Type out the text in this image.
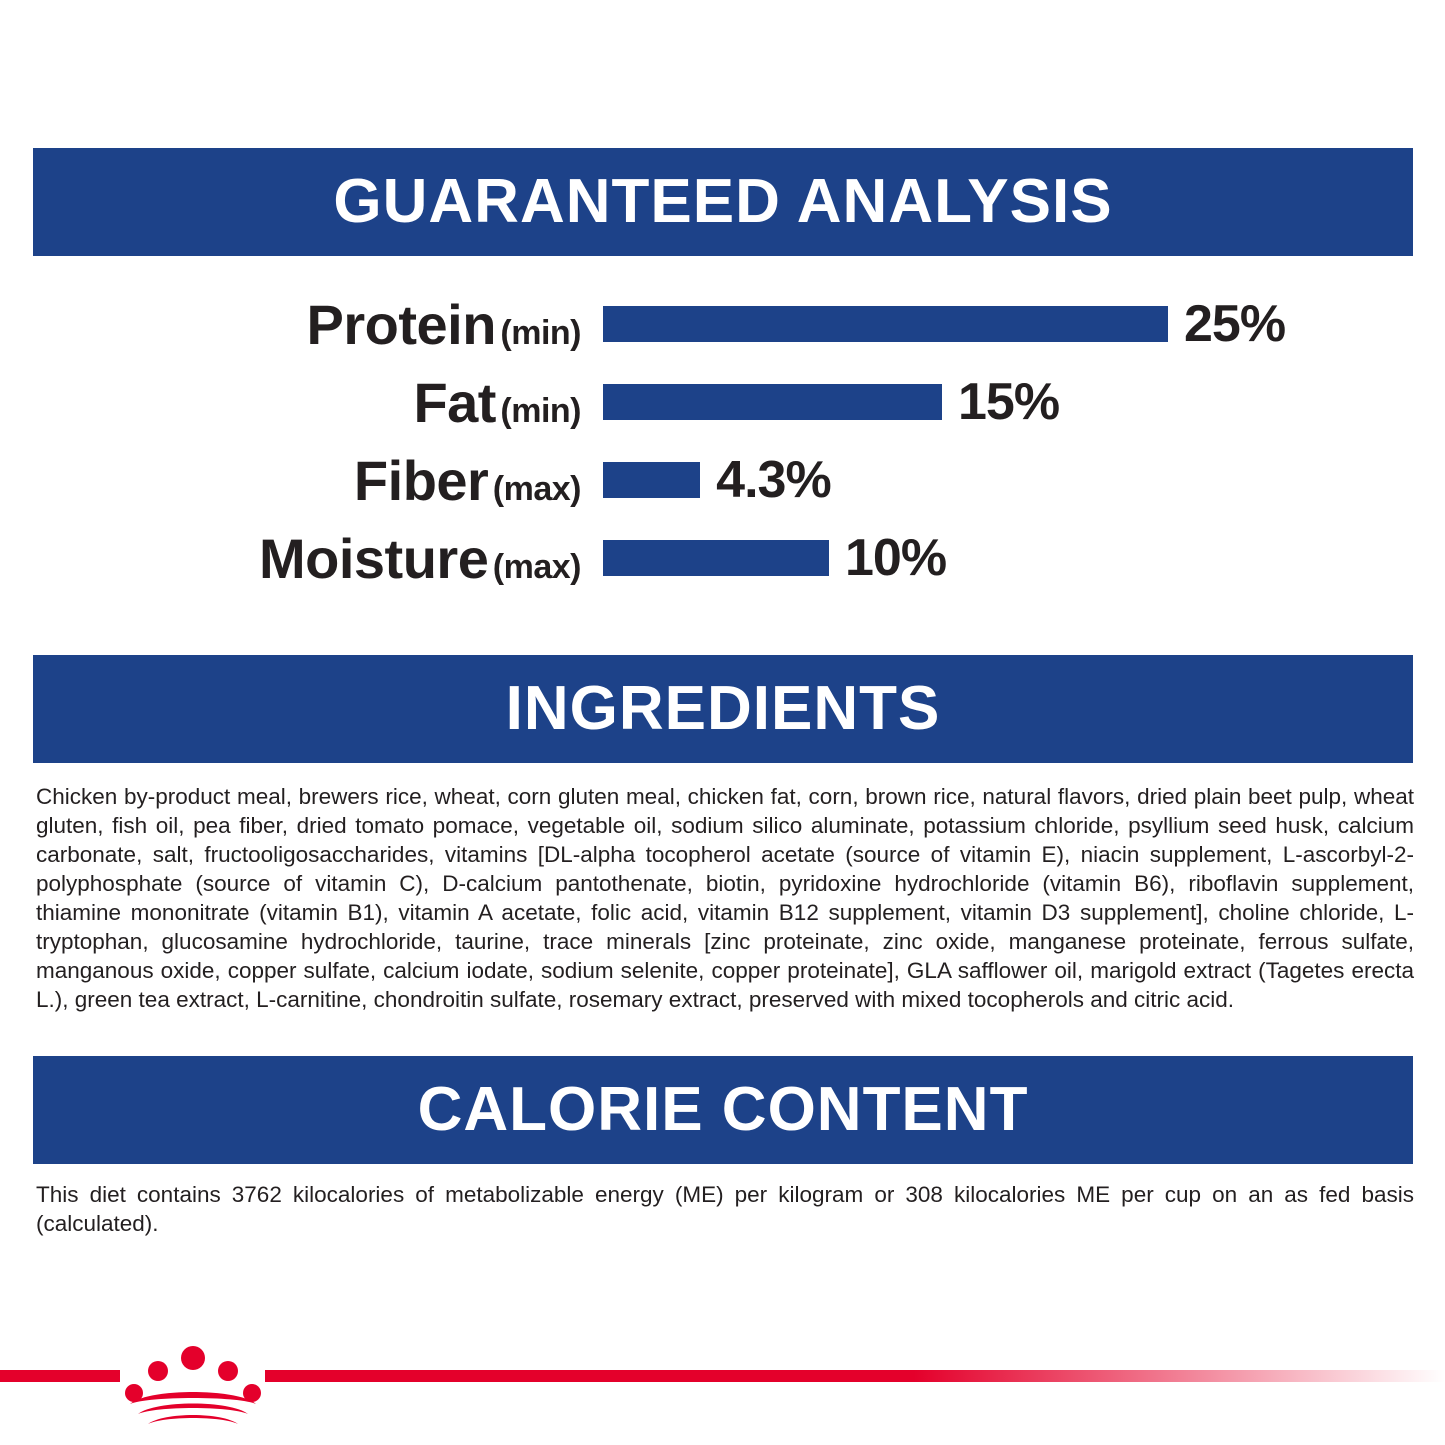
GUARANTEED ANALYSIS
Protein (min)	25%
Fat (min)	15%
Fiber (max)	4.3%
Moisture (max)	10%
INGREDIENTS
Chicken by-product meal, brewers rice, wheat, corn gluten meal, chicken fat, corn, brown rice, natural flavors, dried plain beet pulp, wheat gluten, fish oil, pea fiber, dried tomato pomace, vegetable oil, sodium silico aluminate, potassium chloride, psyllium seed husk, calcium carbonate, salt, fructooligosaccharides, vitamins [DL-alpha tocopherol acetate (source of vitamin E), niacin supplement, L-ascorbyl-2-polyphosphate (source of vitamin C), D-calcium pantothenate, biotin, pyridoxine hydrochloride (vitamin B6), riboflavin supplement, thiamine mononitrate (vitamin B1), vitamin A acetate, folic acid, vitamin B12 supplement, vitamin D3 supplement], choline chloride, L-tryptophan, glucosamine hydrochloride, taurine, trace minerals [zinc proteinate, zinc oxide, manganese proteinate, ferrous sulfate, manganous oxide, copper sulfate, calcium iodate, sodium selenite, copper proteinate], GLA safflower oil, marigold extract (Tagetes erecta L.), green tea extract, L-carnitine, chondroitin sulfate, rosemary extract, preserved with mixed tocopherols and citric acid.
CALORIE CONTENT
This diet contains 3762 kilocalories of metabolizable energy (ME) per kilogram or 308 kilocalories ME per cup on an as fed basis (calculated).
